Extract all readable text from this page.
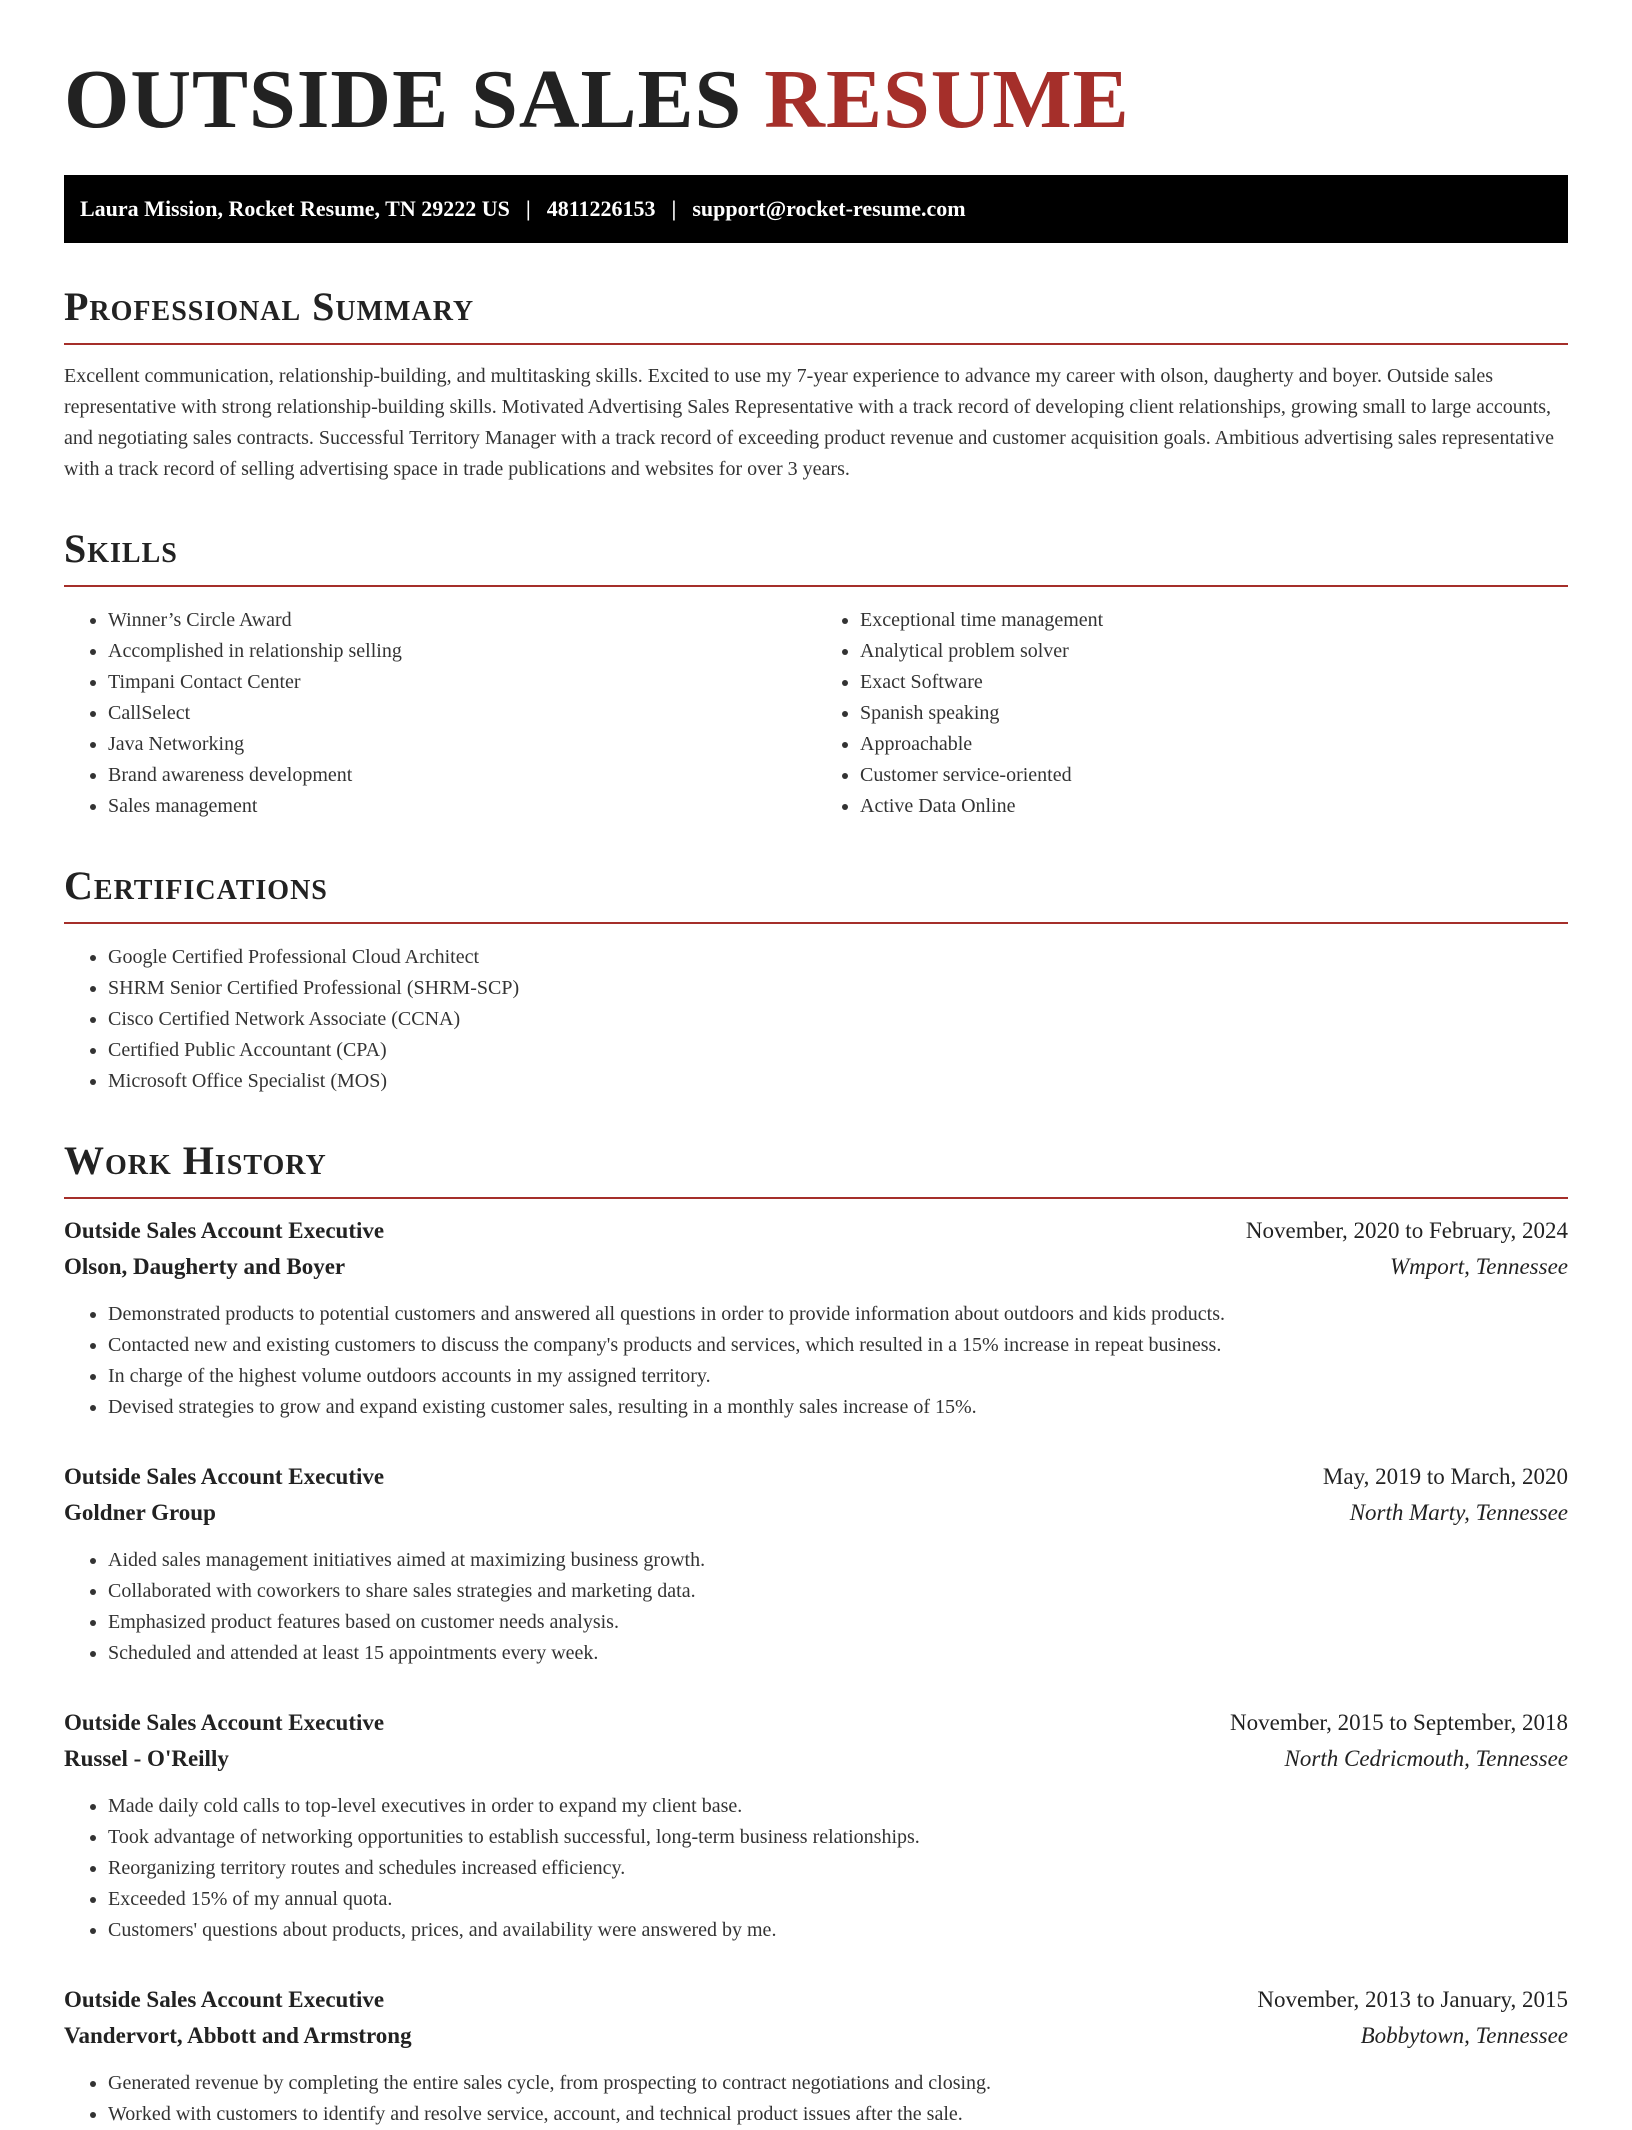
OUTSIDE SALES RESUME
Laura Mission, Rocket Resume, TN 29222 US | 4811226153 | support@rocket-resume.com
Professional Summary

Excellent communication, relationship-building, and multitasking skills. Excited to use my 7-year experience to advance my career with olson, daugherty and boyer. Outside sales representative with strong relationship-building skills. Motivated Advertising Sales Representative with a track record of developing client relationships, growing small to large accounts, and negotiating sales contracts. Successful Territory Manager with a track record of exceeding product revenue and customer acquisition goals. Ambitious advertising sales representative with a track record of selling advertising space in trade publications and websites for over 3 years.

Skills
• Winner’s Circle Award
• Accomplished in relationship selling
• Timpani Contact Center
• CallSelect
• Java Networking
• Brand awareness development
• Sales management
• Exceptional time management
• Analytical problem solver
• Exact Software
• Spanish speaking
• Approachable
• Customer service-oriented
• Active Data Online
Certifications
• Google Certified Professional Cloud Architect
• SHRM Senior Certified Professional (SHRM-SCP)
• Cisco Certified Network Associate (CCNA)
• Certified Public Accountant (CPA)
• Microsoft Office Specialist (MOS)
Work History
Outside Sales Account Executive	November, 2020 to February, 2024
Olson, Daugherty and Boyer	Wmport, Tennessee
• Demonstrated products to potential customers and answered all questions in order to provide information about outdoors and kids products.
• Contacted new and existing customers to discuss the company's products and services, which resulted in a 15% increase in repeat business.
• In charge of the highest volume outdoors accounts in my assigned territory.
• Devised strategies to grow and expand existing customer sales, resulting in a monthly sales increase of 15%.
Outside Sales Account Executive	May, 2019 to March, 2020
Goldner Group	North Marty, Tennessee
• Aided sales management initiatives aimed at maximizing business growth.
• Collaborated with coworkers to share sales strategies and marketing data.
• Emphasized product features based on customer needs analysis.
• Scheduled and attended at least 15 appointments every week.
Outside Sales Account Executive	November, 2015 to September, 2018
Russel - O'Reilly	North Cedricmouth, Tennessee
• Made daily cold calls to top-level executives in order to expand my client base.
• Took advantage of networking opportunities to establish successful, long-term business relationships.
• Reorganizing territory routes and schedules increased efficiency.
• Exceeded 15% of my annual quota.
• Customers' questions about products, prices, and availability were answered by me.
Outside Sales Account Executive	November, 2013 to January, 2015
Vandervort, Abbott and Armstrong	Bobbytown, Tennessee
• Generated revenue by completing the entire sales cycle, from prospecting to contract negotiations and closing.
• Worked with customers to identify and resolve service, account, and technical product issues after the sale.
